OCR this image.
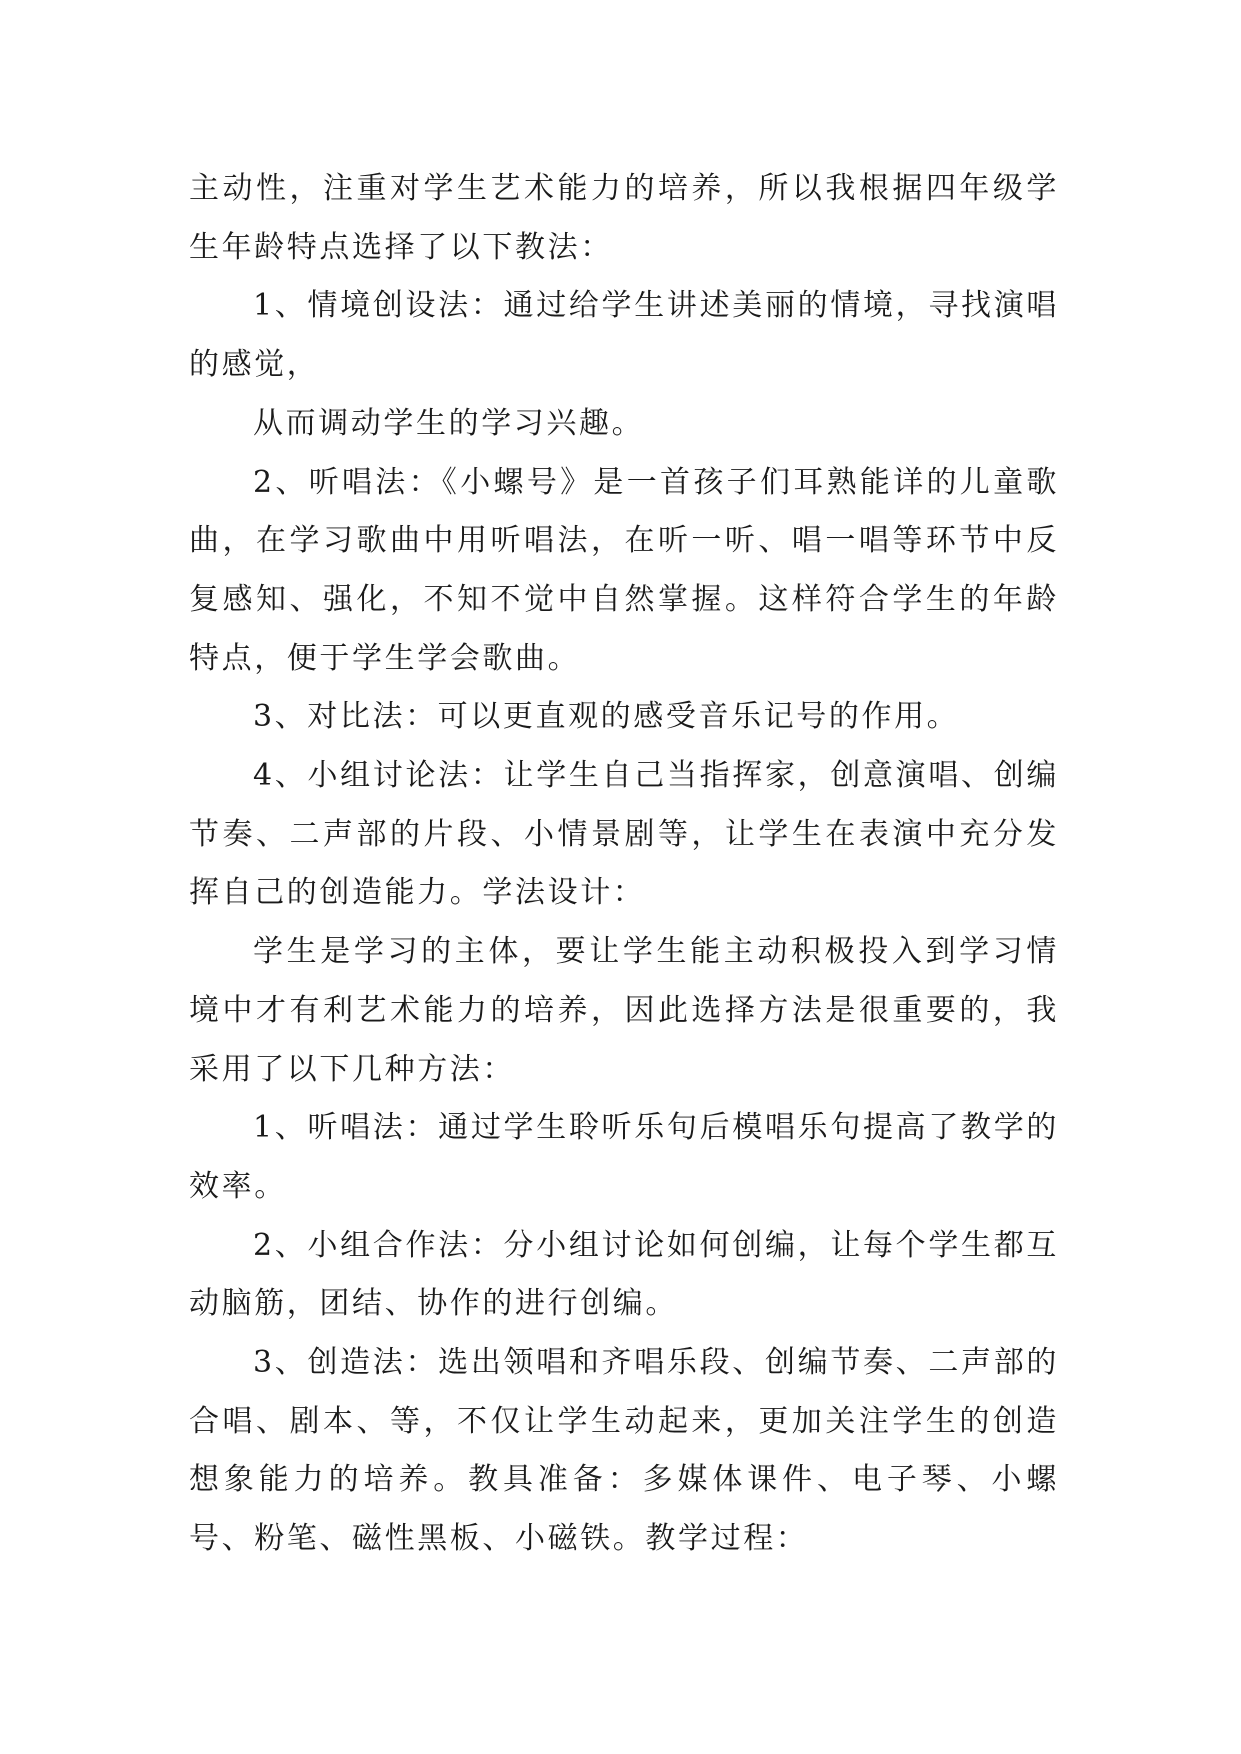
主动性，注重对学生艺术能力的培养，所以我根据四年级学生年龄特点选择了以下教法：

1、情境创设法：通过给学生讲述美丽的情境，寻找演唱的感觉，

从而调动学生的学习兴趣。

2、听唱法：《小螺号》是一首孩子们耳熟能详的儿童歌曲，在学习歌曲中用听唱法，在听一听、唱一唱等环节中反复感知、强化，不知不觉中自然掌握。这样符合学生的年龄特点，便于学生学会歌曲。

3、对比法：可以更直观的感受音乐记号的作用。

4、小组讨论法：让学生自己当指挥家，创意演唱、创编节奏、二声部的片段、小情景剧等，让学生在表演中充分发挥自己的创造能力。学法设计：

学生是学习的主体，要让学生能主动积极投入到学习情境中才有利艺术能力的培养，因此选择方法是很重要的，我采用了以下几种方法：

1、听唱法：通过学生聆听乐句后模唱乐句提高了教学的效率。

2、小组合作法：分小组讨论如何创编，让每个学生都互动脑筋，团结、协作的进行创编。

3、创造法：选出领唱和齐唱乐段、创编节奏、二声部的合唱、剧本、等，不仅让学生动起来，更加关注学生的创造想象能力的培养。教具准备：多媒体课件、电子琴、小螺号、粉笔、磁性黑板、小磁铁。教学过程：
